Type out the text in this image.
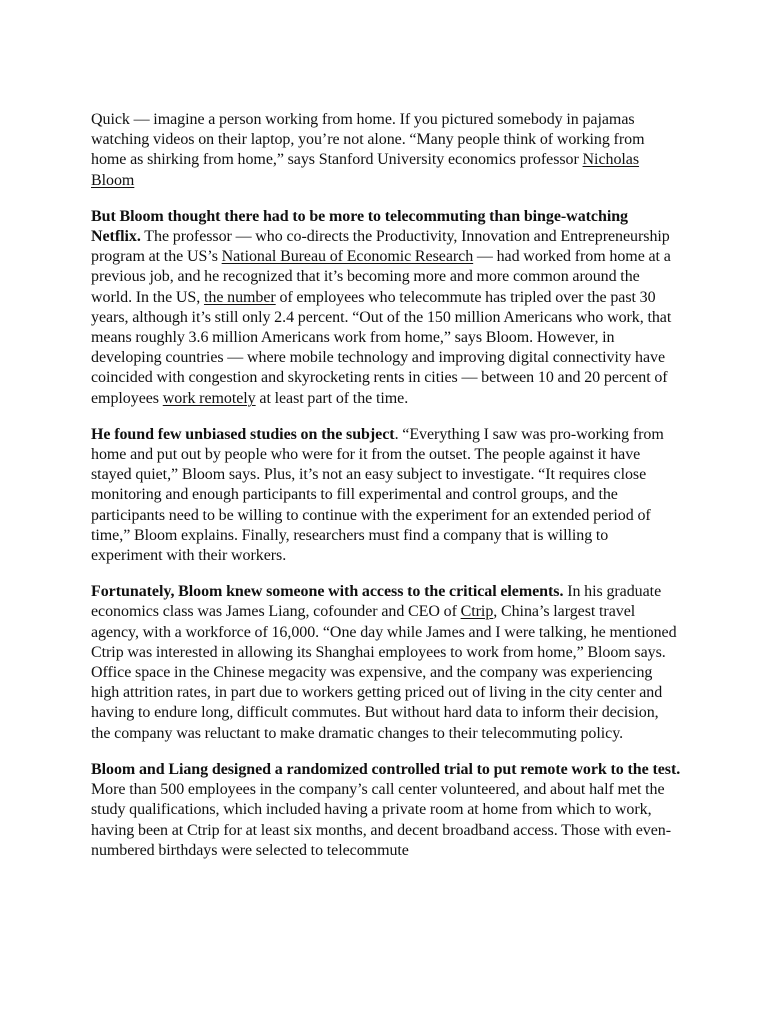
Quick — imagine a person working from home. If you pictured somebody in pajamas watching videos on their laptop, you’re not alone. “Many people think of working from home as shirking from home,” says Stanford University economics professor Nicholas Bloom

But Bloom thought there had to be more to telecommuting than binge-watching Netflix. The professor — who co-directs the Productivity, Innovation and Entrepreneurship program at the US’s National Bureau of Economic Research — had worked from home at a previous job, and he recognized that it’s becoming more and more common around the world. In the US, the number of employees who telecommute has tripled over the past 30 years, although it’s still only 2.4 percent. “Out of the 150 million Americans who work, that means roughly 3.6 million Americans work from home,” says Bloom. However, in developing countries — where mobile technology and improving digital connectivity have coincided with congestion and skyrocketing rents in cities — between 10 and 20 percent of employees work remotely at least part of the time.

He found few unbiased studies on the subject. “Everything I saw was pro-working from home and put out by people who were for it from the outset. The people against it have stayed quiet,” Bloom says. Plus, it’s not an easy subject to investigate. “It requires close monitoring and enough participants to fill experimental and control groups, and the participants need to be willing to continue with the experiment for an extended period of time,” Bloom explains. Finally, researchers must find a company that is willing to experiment with their workers.

Fortunately, Bloom knew someone with access to the critical elements. In his graduate economics class was James Liang, cofounder and CEO of Ctrip, China’s largest travel agency, with a workforce of 16,000. “One day while James and I were talking, he mentioned Ctrip was interested in allowing its Shanghai employees to work from home,” Bloom says. Office space in the Chinese megacity was expensive, and the company was experiencing high attrition rates, in part due to workers getting priced out of living in the city center and having to endure long, difficult commutes. But without hard data to inform their decision, the company was reluctant to make dramatic changes to their telecommuting policy.

Bloom and Liang designed a randomized controlled trial to put remote work to the test. More than 500 employees in the company’s call center volunteered, and about half met the study qualifications, which included having a private room at home from which to work, having been at Ctrip for at least six months, and decent broadband access. Those with even-numbered birthdays were selected to telecommute
